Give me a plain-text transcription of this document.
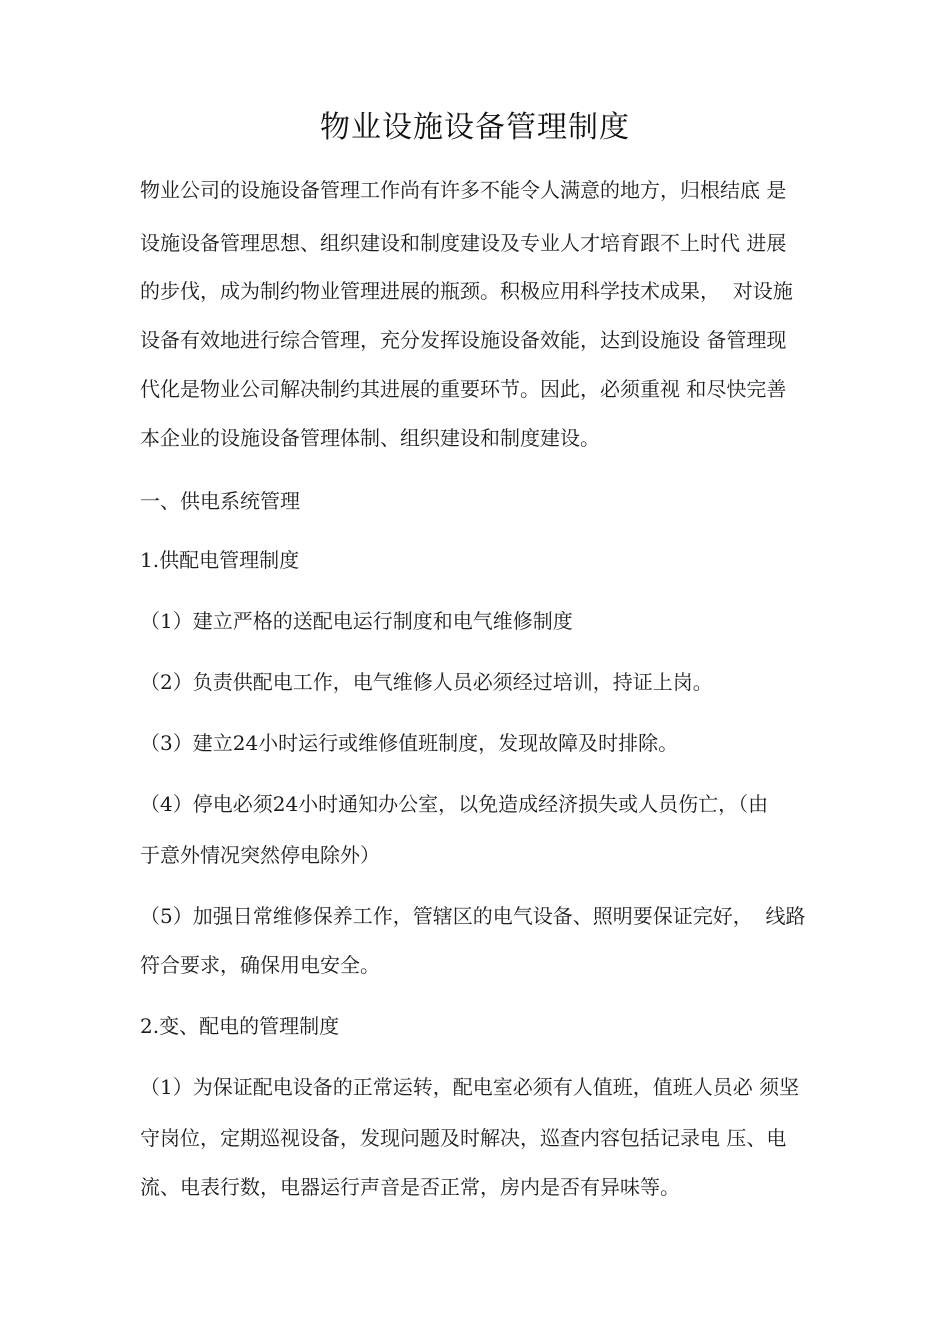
物业设施设备管理制度
物业公司的设施设备管理工作尚有许多不能令人满意的地方，归根结底 是
设施设备管理思想、组织建设和制度建设及专业人才培育跟不上时代 进展
的步伐，成为制约物业管理进展的瓶颈。积极应用科学技术成果，  对设施
设备有效地进行综合管理，充分发挥设施设备效能，达到设施设 备管理现
代化是物业公司解决制约其进展的重要环节。因此，必须重视 和尽快完善
本企业的设施设备管理体制、组织建设和制度建设。
一、供电系统管理
1.供配电管理制度
（1）建立严格的送配电运行制度和电气维修制度
（2）负责供配电工作，电气维修人员必须经过培训，持证上岗。
（3）建立24小时运行或维修值班制度，发现故障及时排除。
（4）停电必须24小时通知办公室，以免造成经济损失或人员伤亡，（由
于意外情况突然停电除外）
（5）加强日常维修保养工作，管辖区的电气设备、照明要保证完好，  线路
符合要求，确保用电安全。
2.变、配电的管理制度
（1）为保证配电设备的正常运转，配电室必须有人值班，值班人员必 须坚
守岗位，定期巡视设备，发现问题及时解决，巡查内容包括记录电 压、电
流、电表行数，电器运行声音是否正常，房内是否有异味等。
